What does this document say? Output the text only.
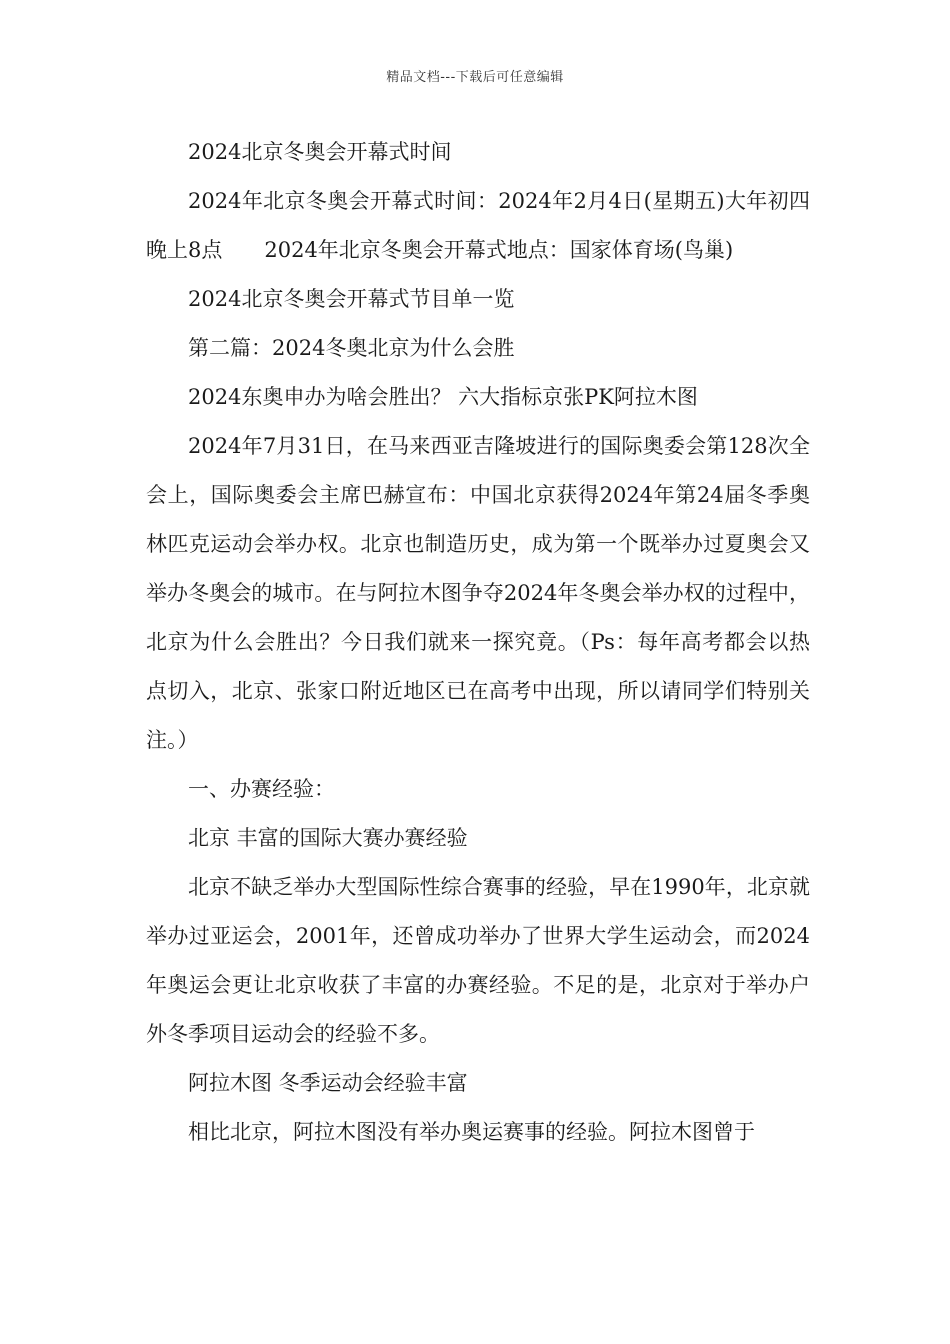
精品文档---下载后可任意编辑

2024北京冬奥会开幕式时间

2024年北京冬奥会开幕式时间：2024年2月4日(星期五)大年初四晚上8点　　2024年北京冬奥会开幕式地点：国家体育场(鸟巢)

2024北京冬奥会开幕式节目单一览

第二篇：2024冬奥北京为什么会胜

2024东奥申办为啥会胜出？ 六大指标京张PK阿拉木图

2024年7月31日，在马来西亚吉隆坡进行的国际奥委会第128次全会上，国际奥委会主席巴赫宣布：中国北京获得2024年第24届冬季奥林匹克运动会举办权。北京也制造历史，成为第一个既举办过夏奥会又举办冬奥会的城市。在与阿拉木图争夺2024年冬奥会举办权的过程中，北京为什么会胜出？今日我们就来一探究竟。（Ps：每年高考都会以热点切入，北京、张家口附近地区已在高考中出现，所以请同学们特别关注。）

一、办赛经验：

北京 丰富的国际大赛办赛经验

北京不缺乏举办大型国际性综合赛事的经验，早在1990年，北京就举办过亚运会，2001年，还曾成功举办了世界大学生运动会，而2024年奥运会更让北京收获了丰富的办赛经验。不足的是，北京对于举办户外冬季项目运动会的经验不多。

阿拉木图 冬季运动会经验丰富

相比北京，阿拉木图没有举办奥运赛事的经验。阿拉木图曾于
